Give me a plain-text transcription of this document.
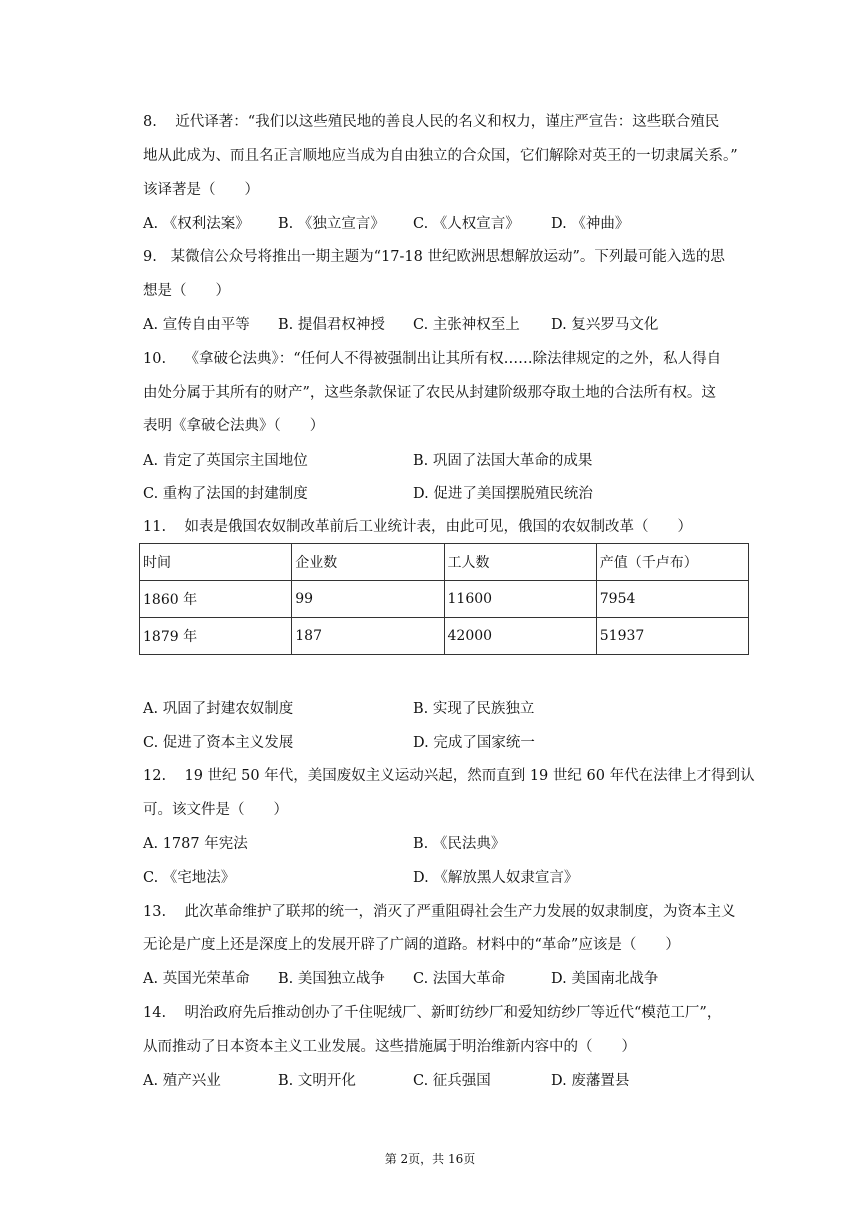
8. 近代译著：“我们以这些殖民地的善良人民的名义和权力，谨庄严宣告：这些联合殖民
地从此成为、而且名正言顺地应当成为自由独立的合众国，它们解除对英王的一切隶属关系。”
该译著是（　　）
A. 《权利法案》 B. 《独立宣言》 C. 《人权宣言》 D. 《神曲》
9. 某微信公众号将推出一期主题为“17-18 世纪欧洲思想解放运动”。下列最可能入选的思
想是（　　）
A. 宣传自由平等 B. 提倡君权神授 C. 主张神权至上 D. 复兴罗马文化
10. 《拿破仑法典》：“任何人不得被强制出让其所有权……除法律规定的之外，私人得自
由处分属于其所有的财产”，这些条款保证了农民从封建阶级那夺取土地的合法所有权。这
表明《拿破仑法典》（　　）
A. 肯定了英国宗主国地位	B. 巩固了法国大革命的成果
C. 重构了法国的封建制度	D. 促进了美国摆脱殖民统治
11. 如表是俄国农奴制改革前后工业统计表，由此可见，俄国的农奴制改革（　　）
时间	企业数	工人数	产值（千卢布）
1860 年	99	11600	7954
1879 年	187	42000	51937
A. 巩固了封建农奴制度	B. 实现了民族独立
C. 促进了资本主义发展	D. 完成了国家统一
12. 19 世纪 50 年代，美国废奴主义运动兴起，然而直到 19 世纪 60 年代在法律上才得到认
可。该文件是（　　）
A. 1787 年宪法	B. 《民法典》
C. 《宅地法》	D. 《解放黑人奴隶宣言》
13. 此次革命维护了联邦的统一，消灭了严重阻碍社会生产力发展的奴隶制度，为资本主义
无论是广度上还是深度上的发展开辟了广阔的道路。材料中的“革命”应该是（　　）
A. 英国光荣革命 B. 美国独立战争 C. 法国大革命	D. 美国南北战争
14. 明治政府先后推动创办了千住呢绒厂、新町纺纱厂和爱知纺纱厂等近代“模范工厂”，
从而推动了日本资本主义工业发展。这些措施属于明治维新内容中的（　　）
A. 殖产兴业	B. 文明开化	C. 征兵强国	D. 废藩置县
第 2页，共 16页
